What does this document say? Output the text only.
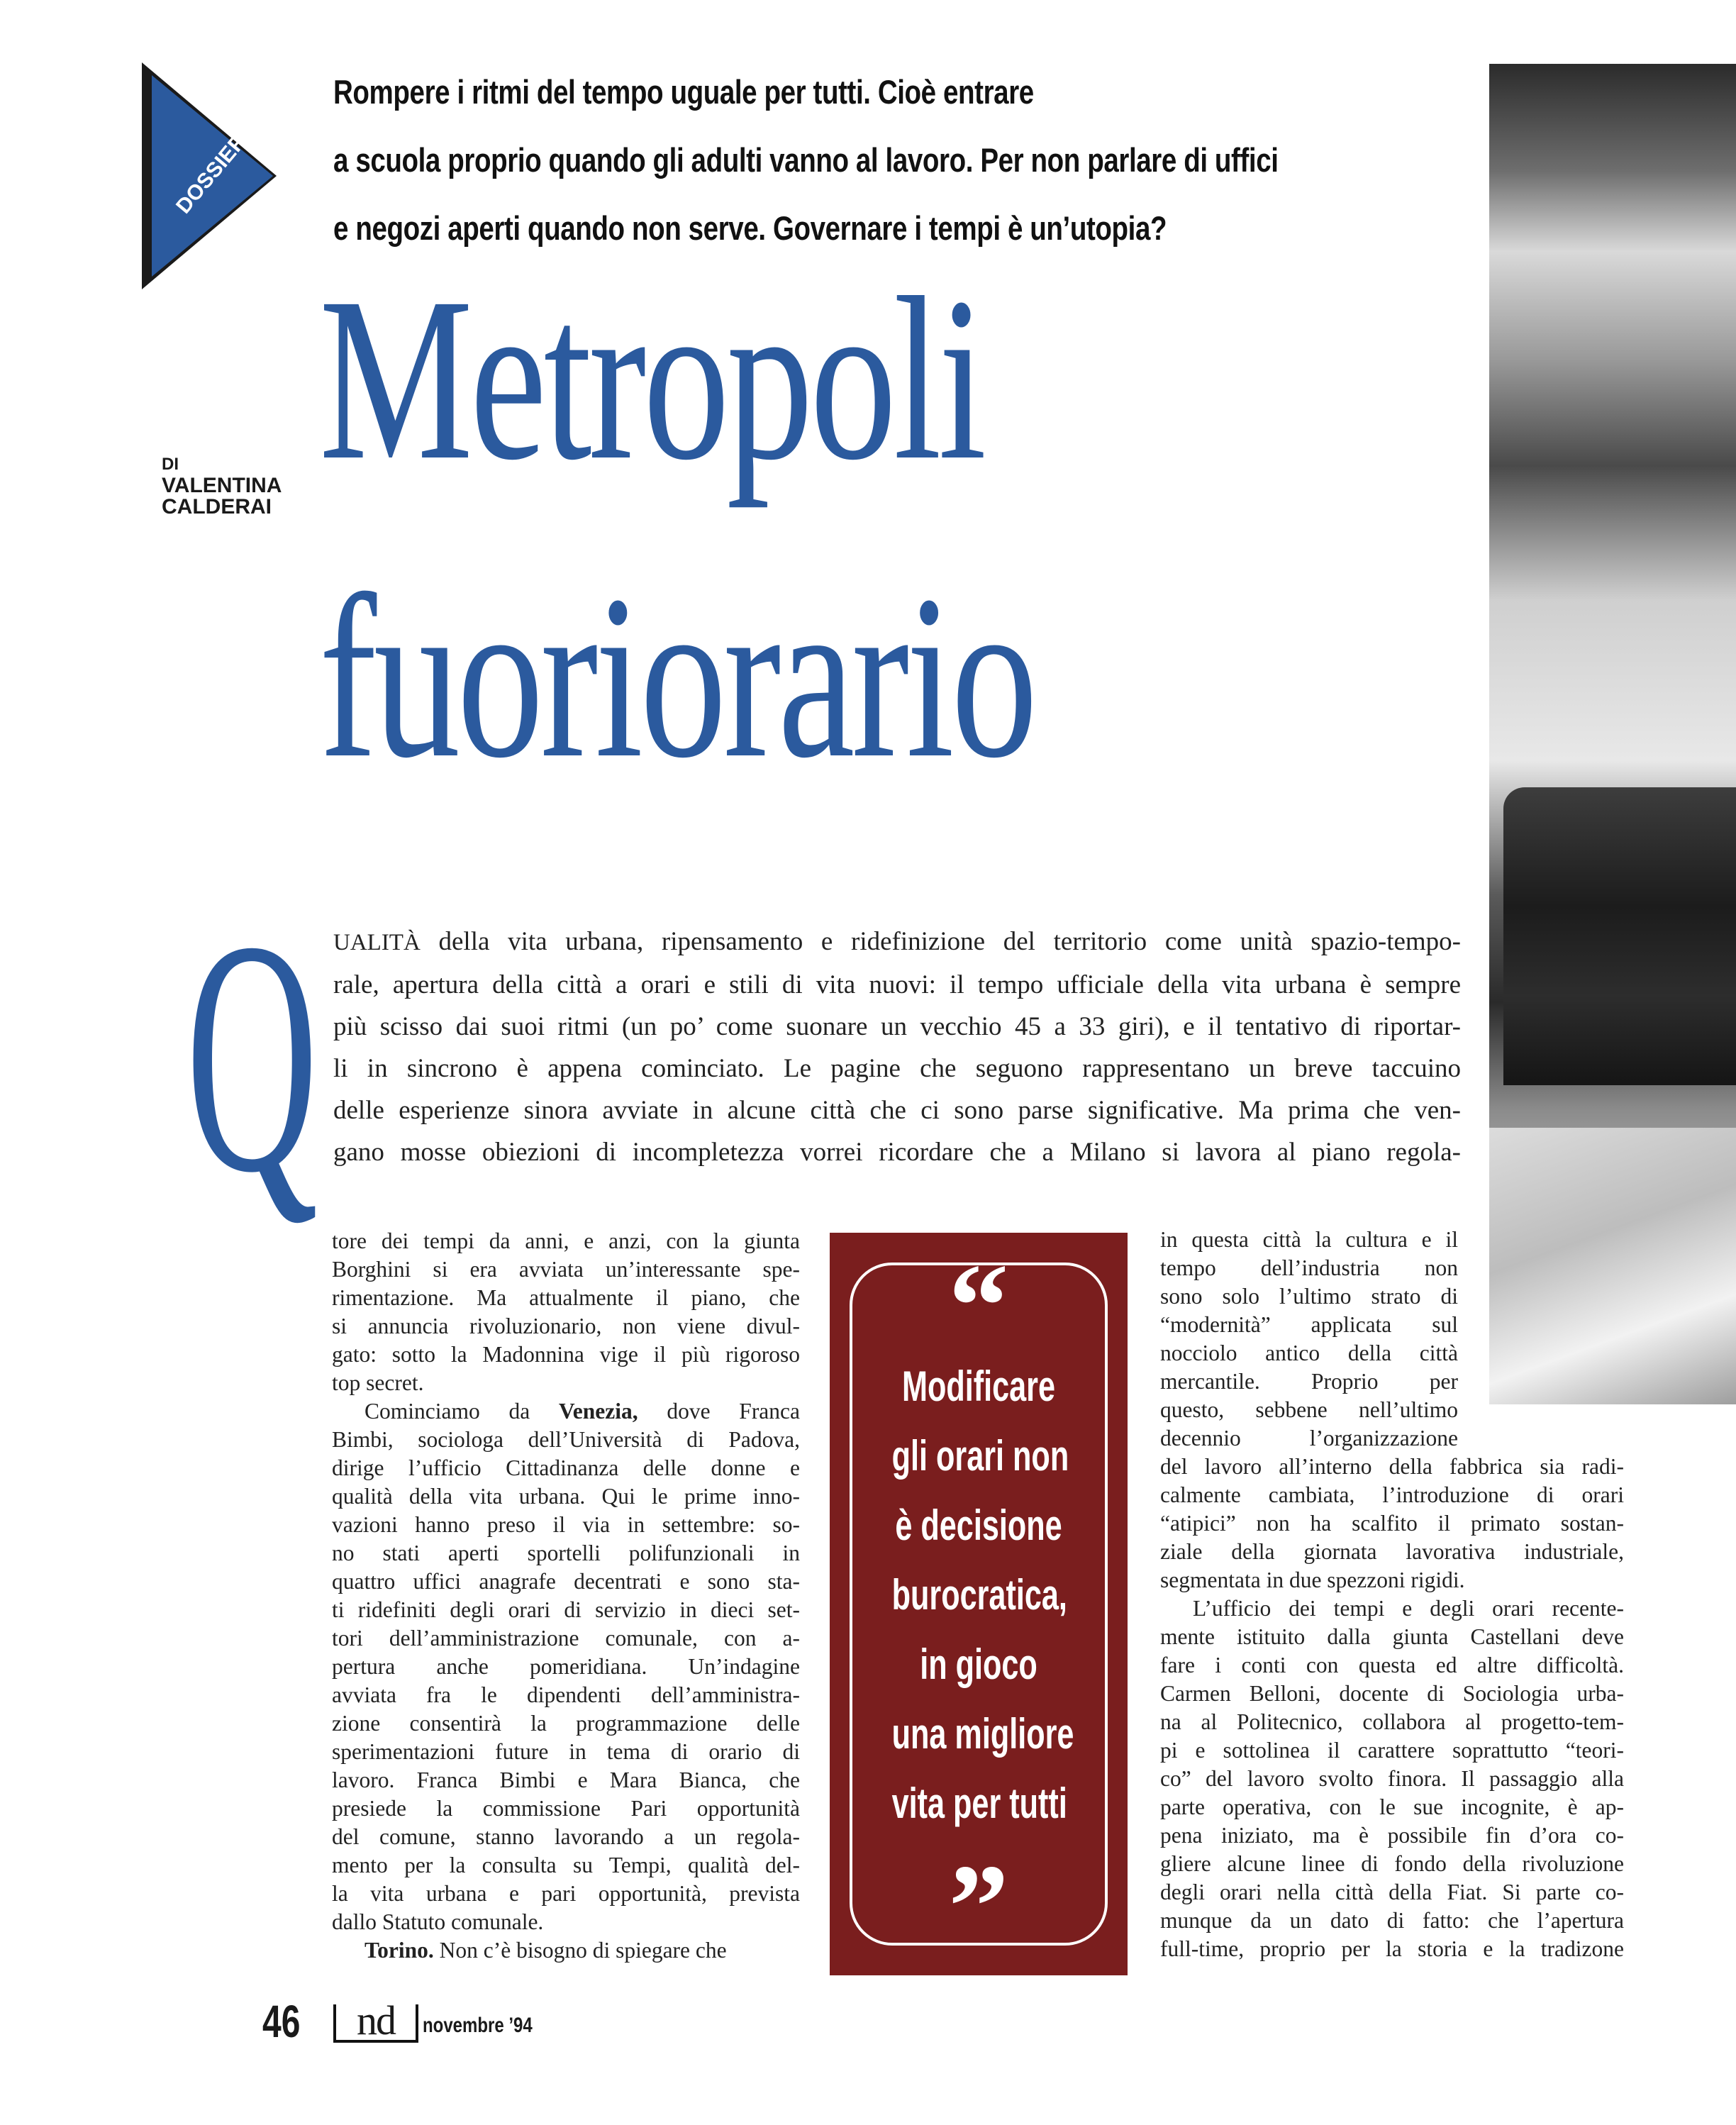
DOSSIER
DI
VALENTINA
CALDERAI
Rompere i ritmi del tempo uguale per tutti. Cioè entrare
a scuola proprio quando gli adulti vanno al lavoro. Per non parlare di uffici
e negozi aperti quando non serve. Governare i tempi è un’utopia?
Metropoli
fuoriorario
Q UALITÀ della vita urbana, ripensamento e ridefinizione del territorio come unità spazio-tempo-
rale, apertura della città a orari e stili di vita nuovi: il tempo ufficiale della vita urbana è sempre
più scisso dai suoi ritmi (un po’ come suonare un vecchio 45 a 33 giri), e il tentativo di riportar-
li in sincrono è appena cominciato. Le pagine che seguono rappresentano un breve taccuino
delle esperienze sinora avviate in alcune città che ci sono parse significative. Ma prima che ven-
gano mosse obiezioni di incompletezza vorrei ricordare che a Milano si lavora al piano regola-
tore dei tempi da anni, e anzi, con la giunta
Borghini si era avviata un’interessante spe-
rimentazione. Ma attualmente il piano, che
si annuncia rivoluzionario, non viene divul-
gato: sotto la Madonnina vige il più rigoroso
top secret.
Cominciamo da Venezia, dove Franca
Bimbi, sociologa dell’Università di Padova,
dirige l’ufficio Cittadinanza delle donne e
qualità della vita urbana. Qui le prime inno-
vazioni hanno preso il via in settembre: so-
no stati aperti sportelli polifunzionali in
quattro uffici anagrafe decentrati e sono sta-
ti ridefiniti degli orari di servizio in dieci set-
tori dell’amministrazione comunale, con a-
pertura anche pomeridiana. Un’indagine
avviata fra le dipendenti dell’amministra-
zione consentirà la programmazione delle
sperimentazioni future in tema di orario di
lavoro. Franca Bimbi e Mara Bianca, che
presiede la commissione Pari opportunità
del comune, stanno lavorando a un regola-
mento per la consulta su Tempi, qualità del-
la vita urbana e pari opportunità, prevista
dallo Statuto comunale.
Torino. Non c’è bisogno di spiegare che
“
Modificare
gli orari non
è decisione
burocratica,
in gioco
una migliore
vita per tutti
”
in questa città la cultura e il
tempo dell’industria non
sono solo l’ultimo strato di
“modernità” applicata sul
nocciolo antico della città
mercantile. Proprio per
questo, sebbene nell’ultimo
decennio l’organizzazione
del lavoro all’interno della fabbrica sia radi-
calmente cambiata, l’introduzione di orari
“atipici” non ha scalfito il primato sostan-
ziale della giornata lavorativa industriale,
segmentata in due spezzoni rigidi.
L’ufficio dei tempi e degli orari recente-
mente istituito dalla giunta Castellani deve
fare i conti con questa ed altre difficoltà.
Carmen Belloni, docente di Sociologia urba-
na al Politecnico, collabora al progetto-tem-
pi e sottolinea il carattere soprattutto “teori-
co” del lavoro svolto finora. Il passaggio alla
parte operativa, con le sue incognite, è ap-
pena iniziato, ma è possibile fin d’ora co-
gliere alcune linee di fondo della rivoluzione
degli orari nella città della Fiat. Si parte co-
munque da un dato di fatto: che l’apertura
full-time, proprio per la storia e la tradizone
46	nd	novembre ’94
